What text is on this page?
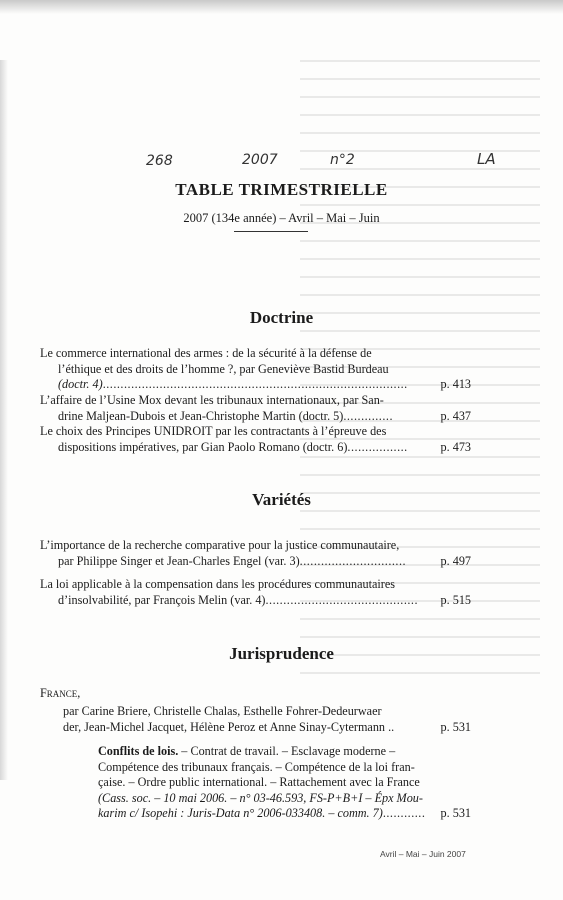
LA
268	2007	n°2
TABLE TRIMESTRIELLE
2007 (134e année) – Avril – Mai – Juin
Doctrine
Le commerce international des armes : de la sécurité à la défense de
l’éthique et des droits de l’homme ?, par Geneviève Bastid Burdeau
(doctr. 4)......................................................................................	p. 413
L’affaire de l’Usine Mox devant les tribunaux internationaux, par San-
drine Maljean-Dubois et Jean-Christophe Martin (doctr. 5)..............	p. 437
Le choix des Principes UNIDROIT par les contractants à l’épreuve des
dispositions impératives, par Gian Paolo Romano (doctr. 6).................	p. 473
Variétés
L’importance de la recherche comparative pour la justice communautaire,
par Philippe Singer et Jean-Charles Engel (var. 3)..............................	p. 497
La loi applicable à la compensation dans les procédures communautaires
d’insolvabilité, par François Melin (var. 4)........................................... p. 515
Jurisprudence
France,
par Carine Briere, Christelle Chalas, Esthelle Fohrer-Dedeurwaer
der, Jean-Michel Jacquet, Hélène Peroz et Anne Sinay-Cytermann ..	p. 531
Conflits de lois. – Contrat de travail. – Esclavage moderne –
Compétence des tribunaux français. – Compétence de la loi fran-
çaise. – Ordre public international. – Rattachement avec la France
(Cass. soc. – 10 mai 2006. – n° 03-46.593, FS-P+B+I – Épx Mou-
karim c/ Isopehi : Juris-Data n° 2006-033408. – comm. 7)............ p. 531
Avril – Mai – Juin 2007
